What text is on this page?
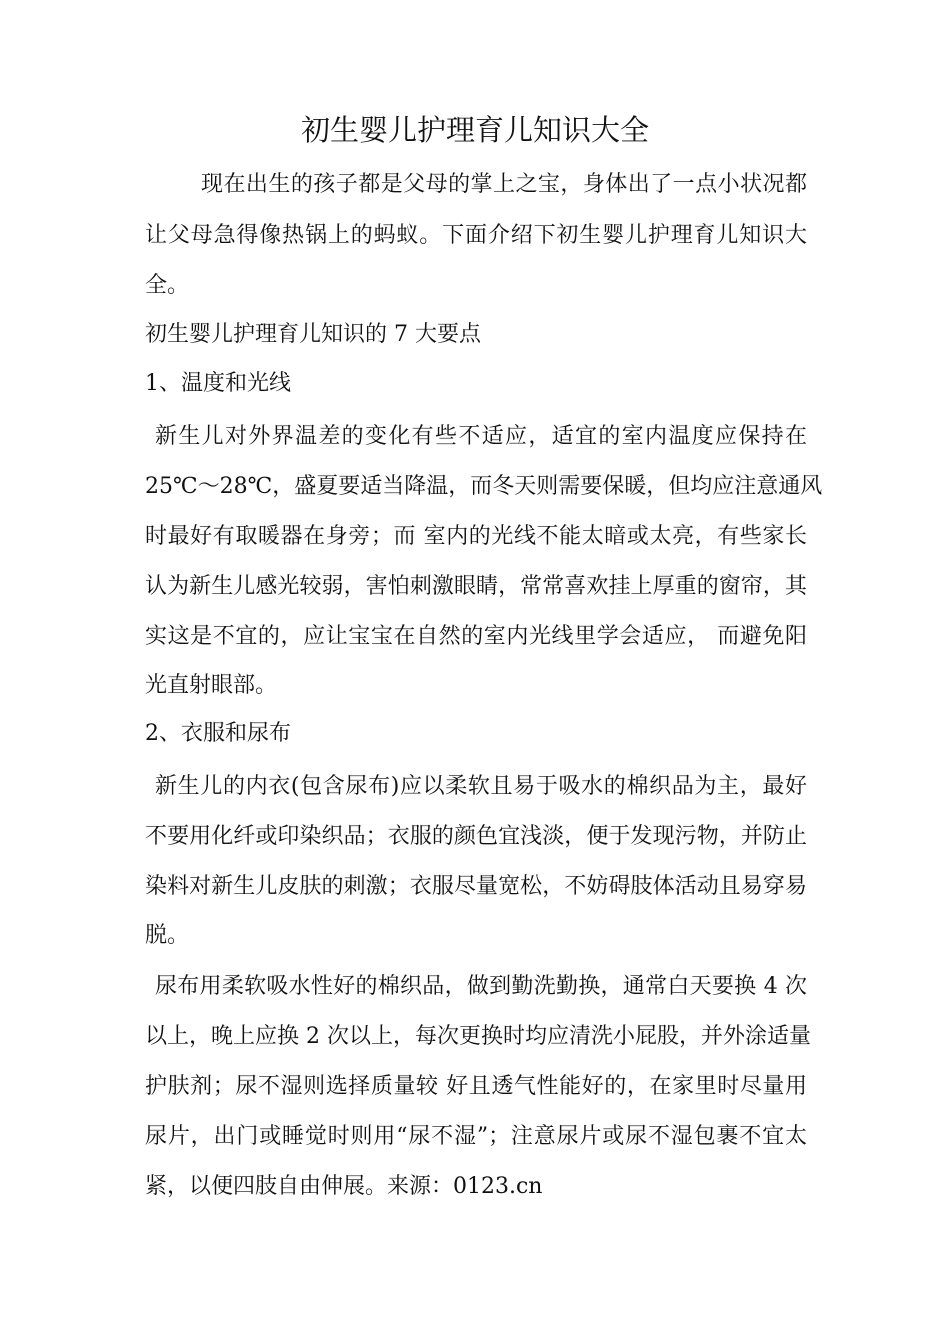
初生婴儿护理育儿知识大全

现在出生的孩子都是父母的掌上之宝，身体出了一点小状况都

让父母急得像热锅上的蚂蚁。下面介绍下初生婴儿护理育儿知识大

全。

初生婴儿护理育儿知识的 7 大要点

1、温度和光线

新生儿对外界温差的变化有些不适应，适宜的室内温度应保持在

25℃～28℃，盛夏要适当降温，而冬天则需要保暖，但均应注意通风

时最好有取暖器在身旁；而 室内的光线不能太暗或太亮，有些家长

认为新生儿感光较弱，害怕刺激眼睛，常常喜欢挂上厚重的窗帘，其

实这是不宜的，应让宝宝在自然的室内光线里学会适应， 而避免阳

光直射眼部。

2、衣服和尿布

新生儿的内衣(包含尿布)应以柔软且易于吸水的棉织品为主，最好

不要用化纤或印染织品；衣服的颜色宜浅淡，便于发现污物，并防止

染料对新生儿皮肤的刺激；衣服尽量宽松，不妨碍肢体活动且易穿易

脱。

尿布用柔软吸水性好的棉织品，做到勤洗勤换，通常白天要换 4 次

以上，晚上应换 2 次以上，每次更换时均应清洗小屁股，并外涂适量

护肤剂；尿不湿则选择质量较 好且透气性能好的，在家里时尽量用

尿片，出门或睡觉时则用“尿不湿”；注意尿片或尿不湿包裹不宜太

紧，以便四肢自由伸展。来源：0123.cn
